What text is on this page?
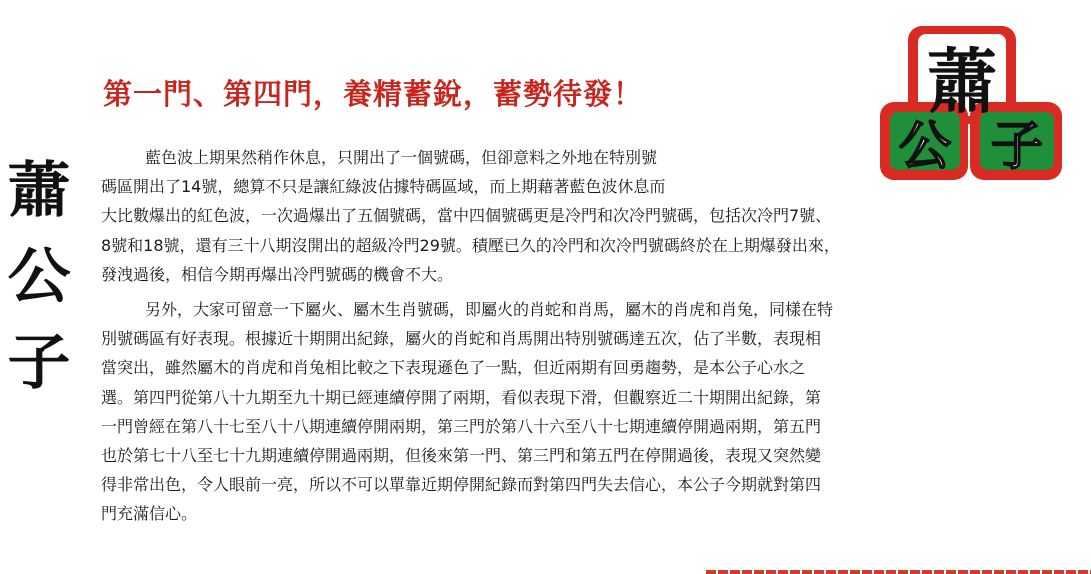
蕭
公
子
蕭
公 子
第一門、第四門，養精蓄銳，蓄勢待發！
藍色波上期果然稍作休息，只開出了一個號碼，但卻意料之外地在特別號
碼區開出了14號，總算不只是讓紅綠波佔據特碼區域，而上期藉著藍色波休息而
大比數爆出的紅色波，一次過爆出了五個號碼，當中四個號碼更是冷門和次冷門號碼，包括次冷門7號、
8號和18號，還有三十八期沒開出的超級冷門29號。積壓已久的冷門和次冷門號碼終於在上期爆發出來，
發洩過後，相信今期再爆出冷門號碼的機會不大。
另外，大家可留意一下屬火、屬木生肖號碼，即屬火的肖蛇和肖馬，屬木的肖虎和肖兔，同樣在特
別號碼區有好表現。根據近十期開出紀錄，屬火的肖蛇和肖馬開出特別號碼達五次，佔了半數，表現相
當突出，雖然屬木的肖虎和肖兔相比較之下表現遜色了一點，但近兩期有回勇趨勢，是本公子心水之
選。第四門從第八十九期至九十期已經連續停開了兩期，看似表現下滑，但觀察近二十期開出紀錄，第
一門曾經在第八十七至八十八期連續停開兩期，第三門於第八十六至八十七期連續停開過兩期，第五門
也於第七十八至七十九期連續停開過兩期，但後來第一門、第三門和第五門在停開過後，表現又突然變
得非常出色，令人眼前一亮，所以不可以單靠近期停開紀錄而對第四門失去信心，本公子今期就對第四
門充滿信心。
